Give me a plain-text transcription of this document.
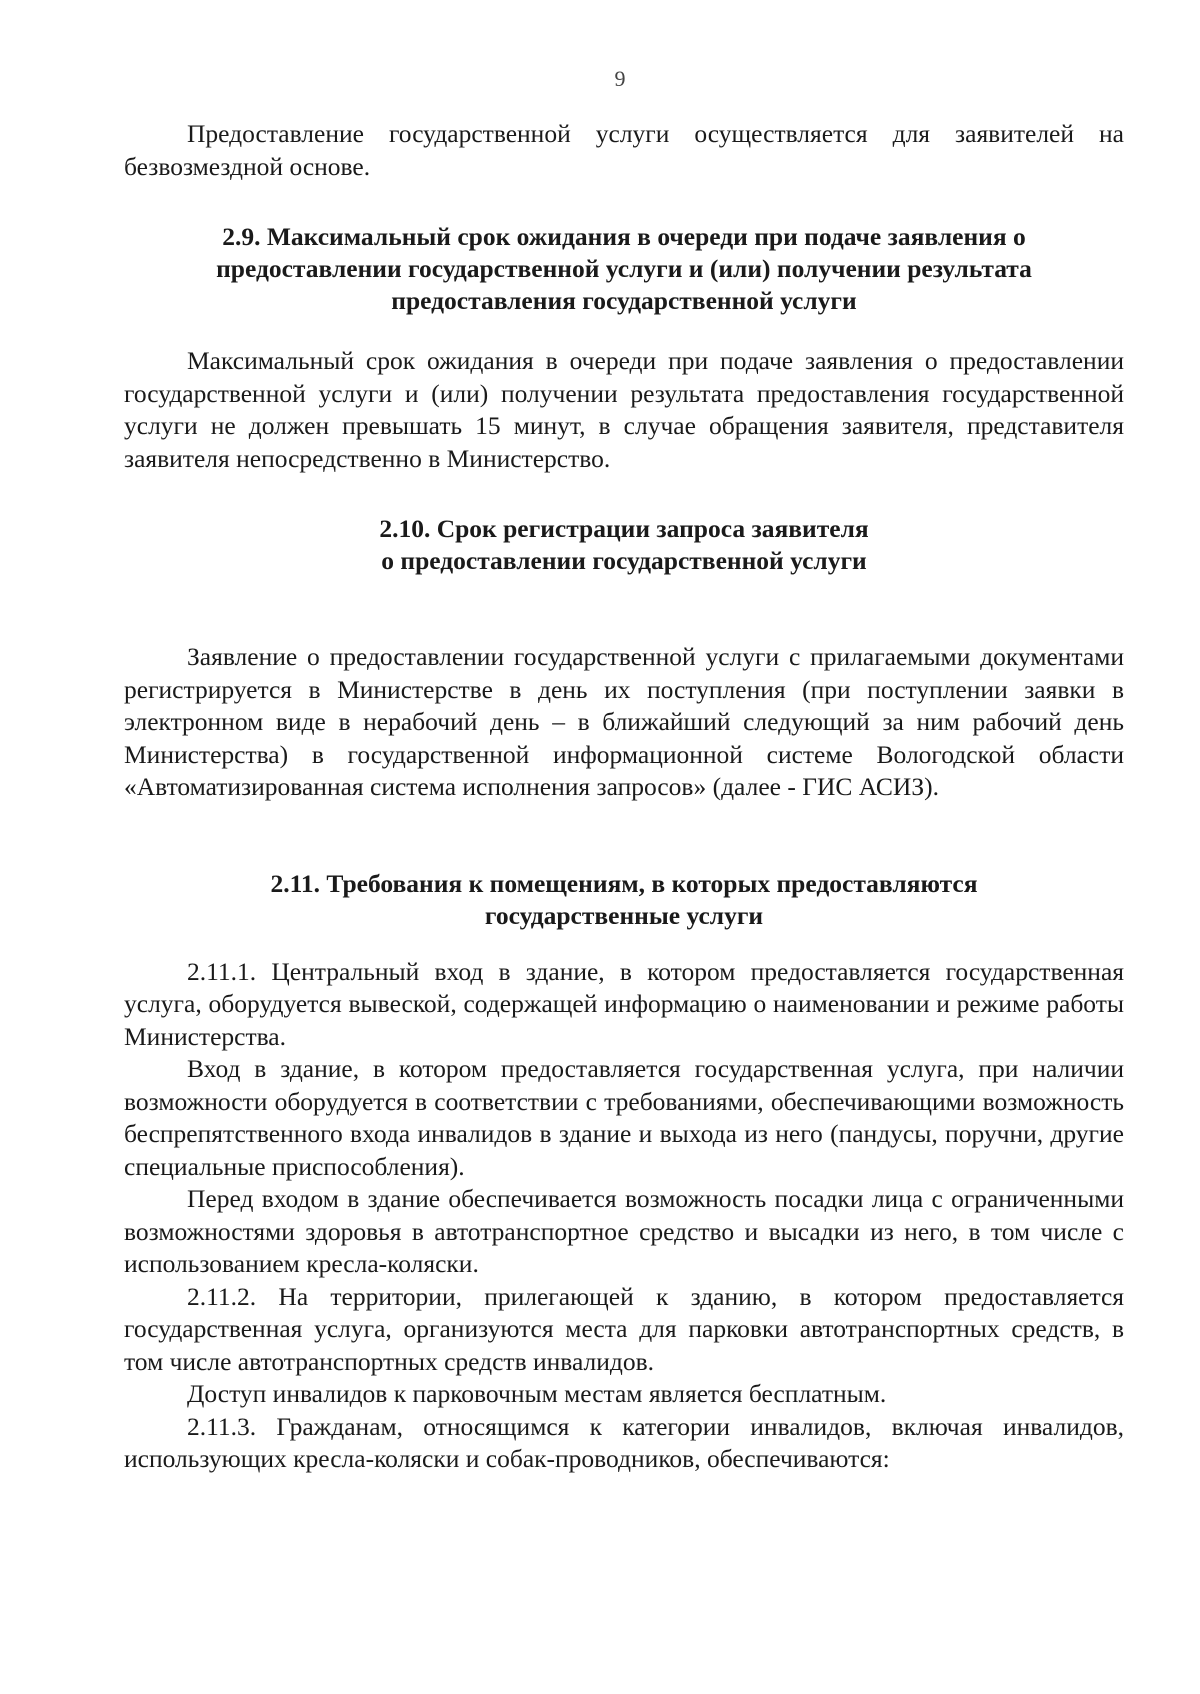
9

Предоставление государственной услуги осуществляется для заявителей на безвозмездной основе.

2.9. Максимальный срок ожидания в очереди при подаче заявления о
предоставлении государственной услуги и (или) получении результата
предоставления государственной услуги

Максимальный срок ожидания в очереди при подаче заявления о предоставлении государственной услуги и (или) получении результата предоставления государственной услуги не должен превышать 15 минут, в случае обращения заявителя, представителя заявителя непосредственно в Министерство.

2.10. Срок регистрации запроса заявителя
о предоставлении государственной услуги

Заявление о предоставлении государственной услуги с прилагаемыми документами регистрируется в Министерстве в день их поступления (при поступлении заявки в электронном виде в нерабочий день – в ближайший следующий за ним рабочий день Министерства) в государственной информационной системе Вологодской области «Автоматизированная система исполнения запросов» (далее - ГИС АСИЗ).

2.11. Требования к помещениям, в которых предоставляются
государственные услуги

2.11.1. Центральный вход в здание, в котором предоставляется государственная услуга, оборудуется вывеской, содержащей информацию о наименовании и режиме работы Министерства.

Вход в здание, в котором предоставляется государственная услуга, при наличии возможности оборудуется в соответствии с требованиями, обеспечивающими возможность беспрепятственного входа инвалидов в здание и выхода из него (пандусы, поручни, другие специальные приспособления).

Перед входом в здание обеспечивается возможность посадки лица с ограниченными возможностями здоровья в автотранспортное средство и высадки из него, в том числе с использованием кресла-коляски.

2.11.2. На территории, прилегающей к зданию, в котором предоставляется государственная услуга, организуются места для парковки автотранспортных средств, в том числе автотранспортных средств инвалидов.

Доступ инвалидов к парковочным местам является бесплатным.

2.11.3. Гражданам, относящимся к категории инвалидов, включая инвалидов, использующих кресла-коляски и собак-проводников, обеспечиваются:
